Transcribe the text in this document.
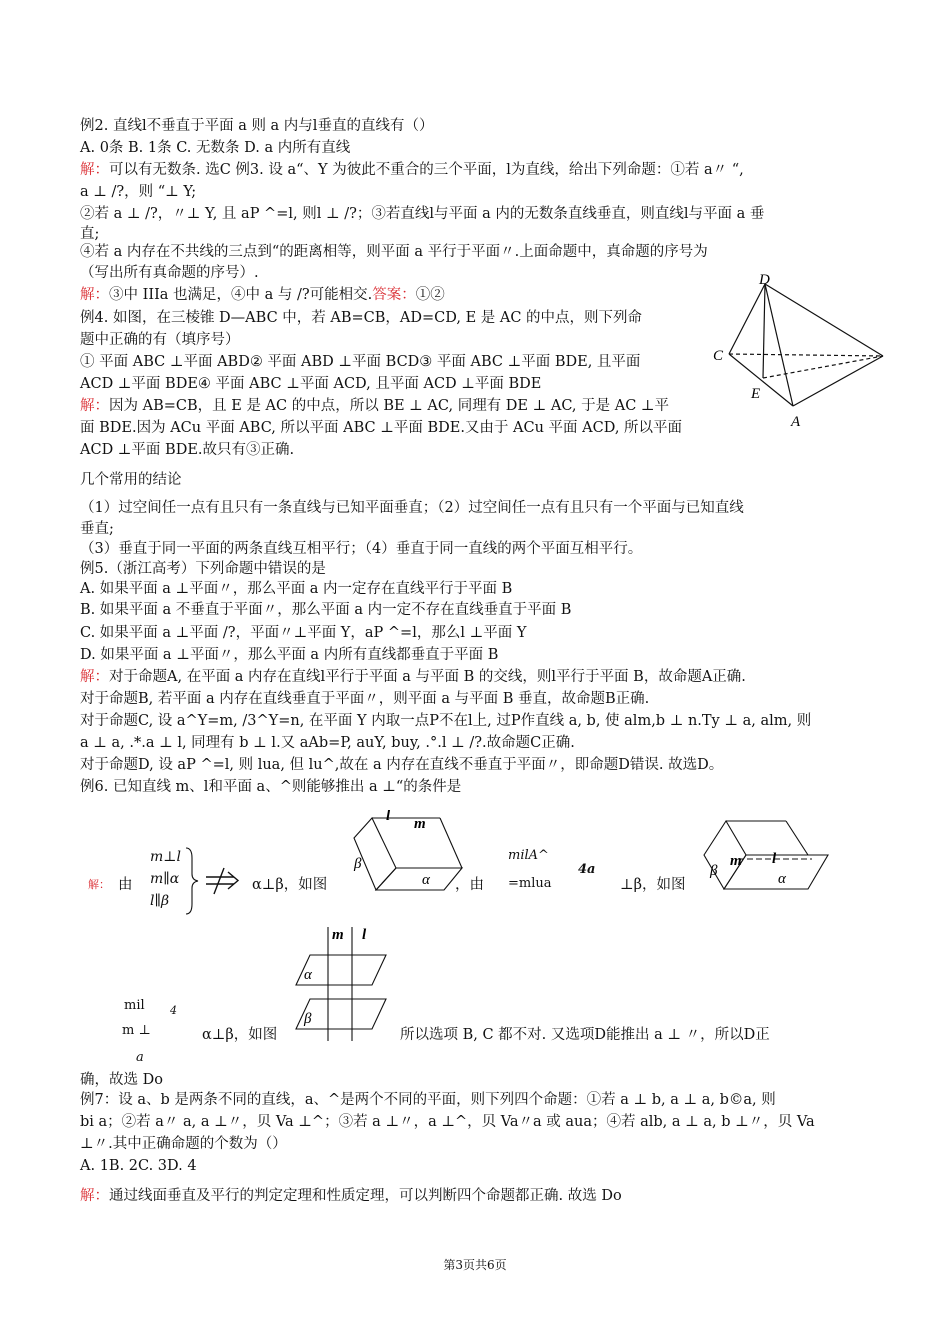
例2. 直线l不垂直于平面 a 则 a 内与l垂直的直线有（）
A. 0条 B. 1条 C. 无数条 D. a 内所有直线
解：可以有无数条. 选C 例3. 设 a“、Y 为彼此不重合的三个平面，l为直线，给出下列命题：①若 a〃 “,
a ⊥ /?，则 “⊥ Y;
②若 a ⊥ /?，〃⊥ Y, 且 aP ^=l, 则l ⊥ /?；③若直线l与平面 a 内的无数条直线垂直，则直线l与平面 a 垂
直;
④若 a 内存在不共线的三点到“的距离相等，则平面 a 平行于平面〃.上面命题中，真命题的序号为
（写出所有真命题的序号）.
解：③中 IIIa 也满足，④中 a 与 /?可能相交.答案：①②
例4. 如图，在三棱锥 D—ABC 中，若 AB=CB，AD=CD, E 是 AC 的中点，则下列命
题中正确的有（填序号）
① 平面 ABC ⊥平面 ABD② 平面 ABD ⊥平面 BCD③ 平面 ABC ⊥平面 BDE, 且平面
ACD ⊥平面 BDE④ 平面 ABC ⊥平面 ACD, 且平面 ACD ⊥平面 BDE
解：因为 AB=CB，且 E 是 AC 的中点，所以 BE ⊥ AC, 同理有 DE ⊥ AC, 于是 AC ⊥平
面 BDE.因为 ACu 平面 ABC, 所以平面 ABC ⊥平面 BDE.又由于 ACu 平面 ACD, 所以平面
ACD ⊥平面 BDE.故只有③正确.
D
C
E
A
几个常用的结论
（1）过空间任一点有且只有一条直线与已知平面垂直；（2）过空间任一点有且只有一个平面与已知直线
垂直;
（3）垂直于同一平面的两条直线互相平行；（4）垂直于同一直线的两个平面互相平行。
例5.（浙江高考）下列命题中错误的是
A. 如果平面 a ⊥平面〃，那么平面 a 内一定存在直线平行于平面 B
B. 如果平面 a 不垂直于平面〃，那么平面 a 内一定不存在直线垂直于平面 B
C. 如果平面 a ⊥平面 /?，平面〃⊥平面 Y，aP ^=l，那么l ⊥平面 Y
D. 如果平面 a ⊥平面〃，那么平面 a 内所有直线都垂直于平面 B
解：对于命题A, 在平面 a 内存在直线l平行于平面 a 与平面 B 的交线，则l平行于平面 B，故命题A正确.
对于命题B, 若平面 a 内存在直线垂直于平面〃，则平面 a 与平面 B 垂直，故命题B正确.
对于命题C, 设 a^Y=m, /3^Y=n, 在平面 Y 内取一点P不在l上, 过P作直线 a, b, 使 alm,b ⊥ n.Ty ⊥ a, alm, 则
a ⊥ a, .*.a ⊥ l, 同理有 b ⊥ l.又 aAb=P, auY, buy, .°.l ⊥ /?.故命题C正确.
对于命题D, 设 aP ^=l, 则 lua, 但 lu^,故在 a 内存在直线不垂直于平面〃，即命题D错误. 故选D。
例6. 已知直线 m、l和平面 a、^则能够推出 a ⊥“的条件是
解： 由
m⊥l
m∥α
l∥β
α⊥β，如图
l m
β
α ，由
milA^
=mlua
4a
⊥β，如图
m l
β	α
m l
α
β
mil
m ⊥
4
a
α⊥β，如图	所以选项 B, C 都不对. 又选项D能推出 a ⊥ 〃，所以D正
确，故选 Do
例7：设 a、b 是两条不同的直线，a、^是两个不同的平面，则下列四个命题：①若 a ⊥ b, a ⊥ a, b©a, 则
bi a；②若 a〃 a, a ⊥〃，贝 Va ⊥^；③若 a ⊥〃，a ⊥^，贝 Va〃a 或 aua；④若 alb, a ⊥ a, b ⊥〃，贝 Va
⊥〃.其中正确命题的个数为（）
A. 1B. 2C. 3D. 4
解：通过线面垂直及平行的判定定理和性质定理，可以判断四个命题都正确. 故选 Do
第3页共6页
